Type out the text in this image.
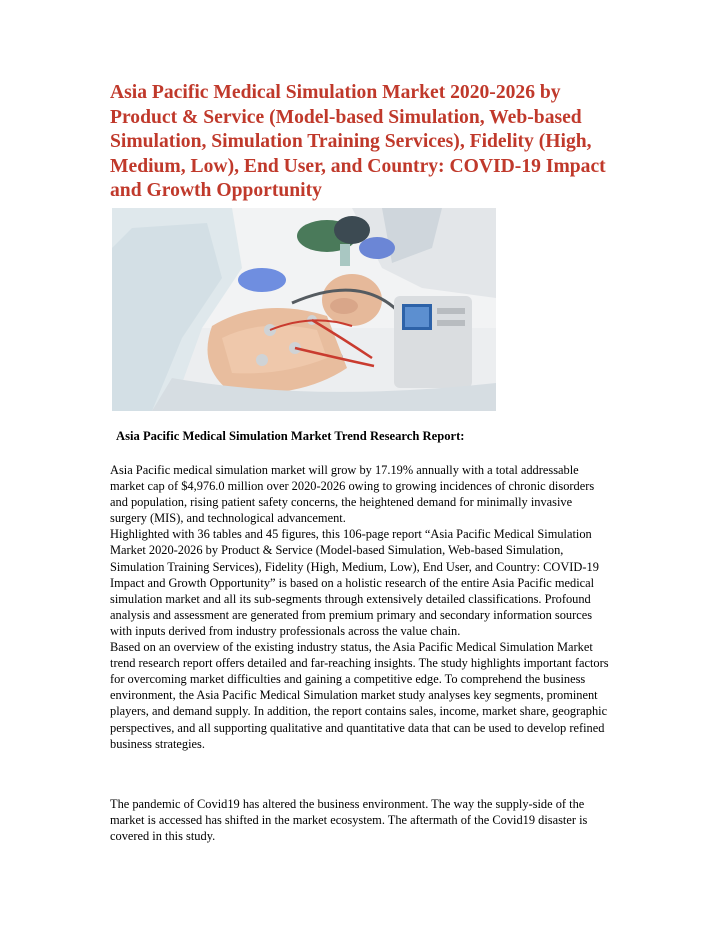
Asia Pacific Medical Simulation Market 2020-2026 by Product & Service (Model-based Simulation, Web-based Simulation, Simulation Training Services), Fidelity (High, Medium, Low), End User, and Country: COVID-19 Impact and Growth Opportunity
Asia Pacific Medical Simulation Market Trend Research Report:

Asia Pacific medical simulation market will grow by 17.19% annually with a total addressable market cap of $4,976.0 million over 2020-2026 owing to growing incidences of chronic disorders and population, rising patient safety concerns, the heightened demand for minimally invasive surgery (MIS), and technological advancement.

Highlighted with 36 tables and 45 figures, this 106-page report “Asia Pacific Medical Simulation Market 2020-2026 by Product & Service (Model-based Simulation, Web-based Simulation, Simulation Training Services), Fidelity (High, Medium, Low), End User, and Country: COVID-19 Impact and Growth Opportunity” is based on a holistic research of the entire Asia Pacific medical simulation market and all its sub-segments through extensively detailed classifications. Profound analysis and assessment are generated from premium primary and secondary information sources with inputs derived from industry professionals across the value chain.

Based on an overview of the existing industry status, the Asia Pacific Medical Simulation Market trend research report offers detailed and far-reaching insights. The study highlights important factors for overcoming market difficulties and gaining a competitive edge. To comprehend the business environment, the Asia Pacific Medical Simulation market study analyses key segments, prominent players, and demand supply. In addition, the report contains sales, income, market share, geographic perspectives, and all supporting qualitative and quantitative data that can be used to develop refined business strategies.

The pandemic of Covid19 has altered the business environment. The way the supply-side of the market is accessed has shifted in the market ecosystem. The aftermath of the Covid19 disaster is covered in this study.
